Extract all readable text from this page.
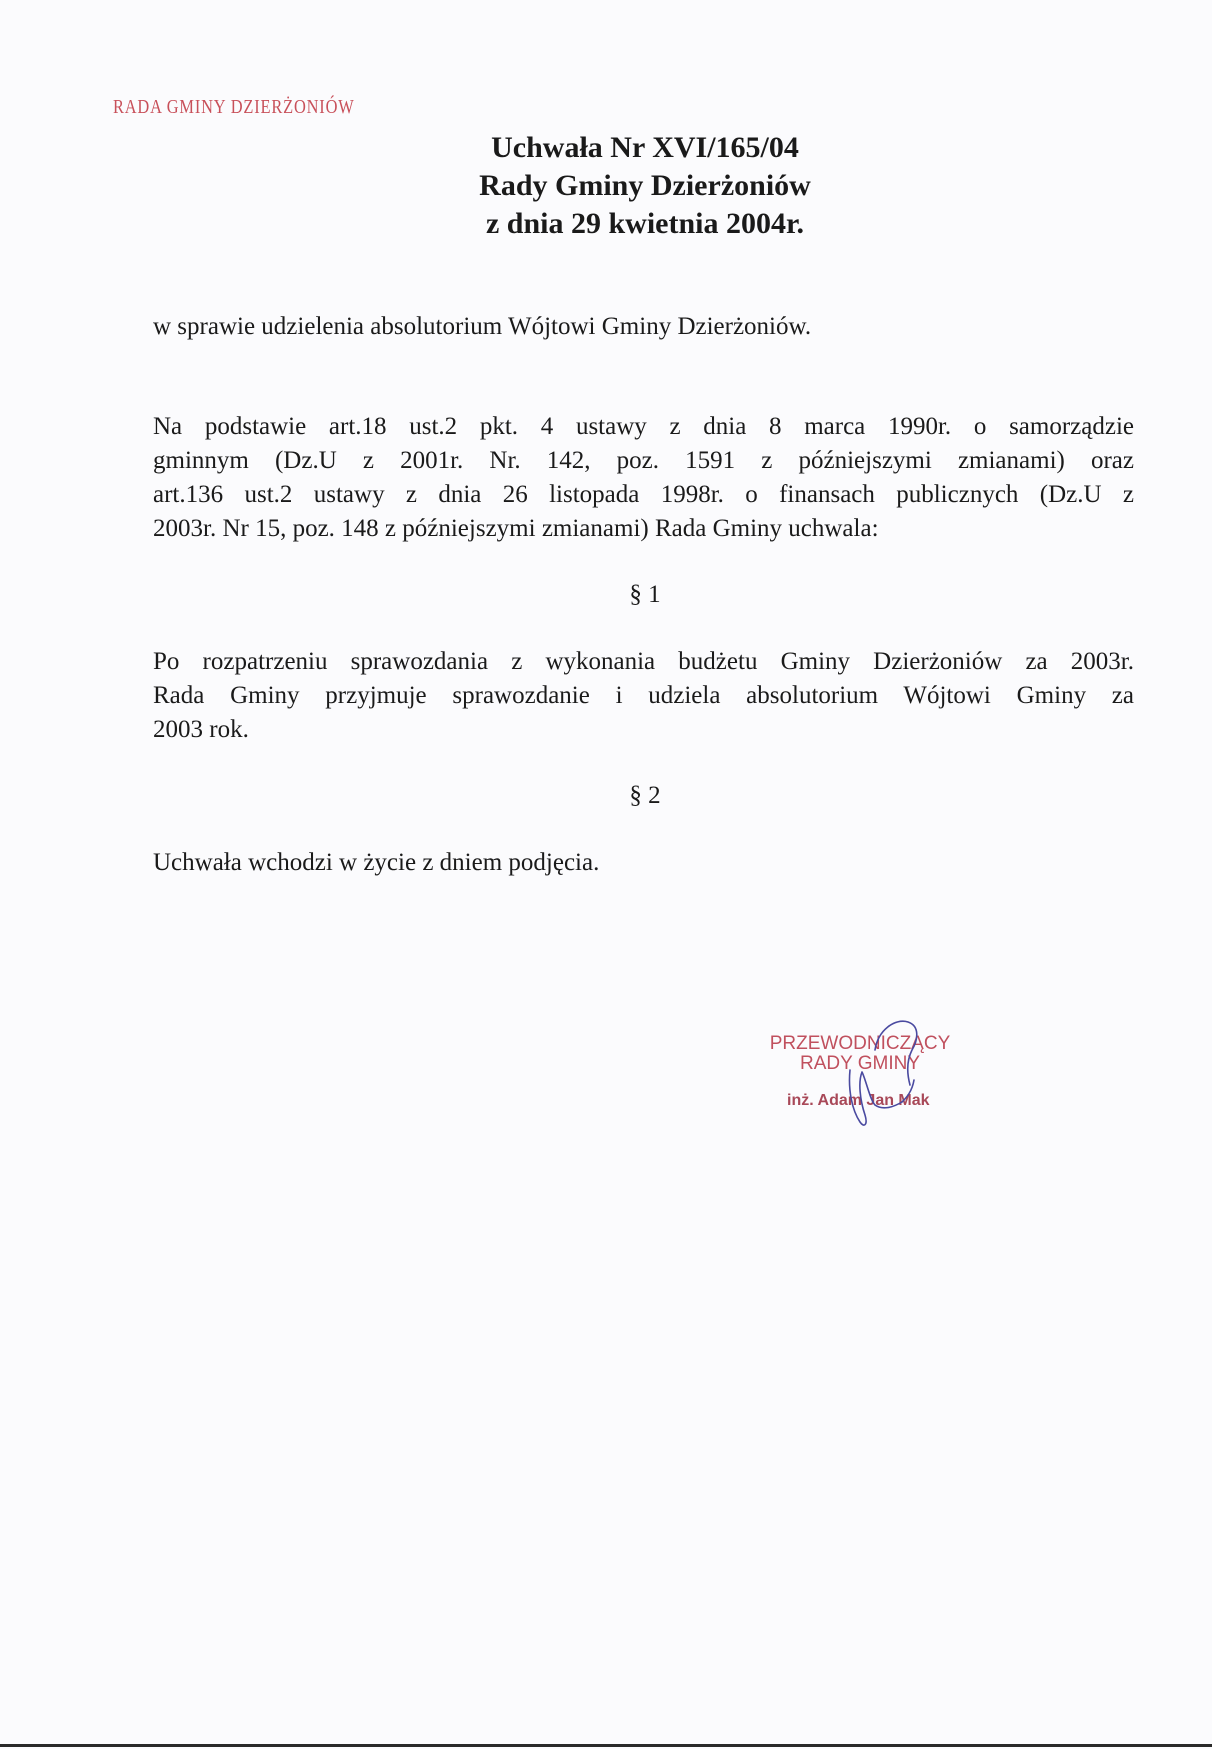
RADA GMINY DZIERŻONIÓW
Uchwała Nr XVI/165/04
Rady Gminy Dzierżoniów
z dnia 29 kwietnia 2004r.
w sprawie udzielenia absolutorium Wójtowi Gminy Dzierżoniów.
Na podstawie art.18 ust.2 pkt. 4 ustawy z dnia 8 marca 1990r. o samorządzie
gminnym (Dz.U z 2001r. Nr. 142, poz. 1591 z późniejszymi zmianami) oraz
art.136 ust.2 ustawy z dnia 26 listopada 1998r. o finansach publicznych (Dz.U z
2003r. Nr 15, poz. 148 z późniejszymi zmianami) Rada Gminy uchwala:
§ 1
Po rozpatrzeniu sprawozdania z wykonania budżetu Gminy Dzierżoniów za 2003r.
Rada Gminy przyjmuje sprawozdanie i udziela absolutorium Wójtowi Gminy za
2003 rok.
§ 2
Uchwała wchodzi w życie z dniem podjęcia.
PRZEWODNICZĄCY
RADY GMINY
inż. Adam Jan Mak
